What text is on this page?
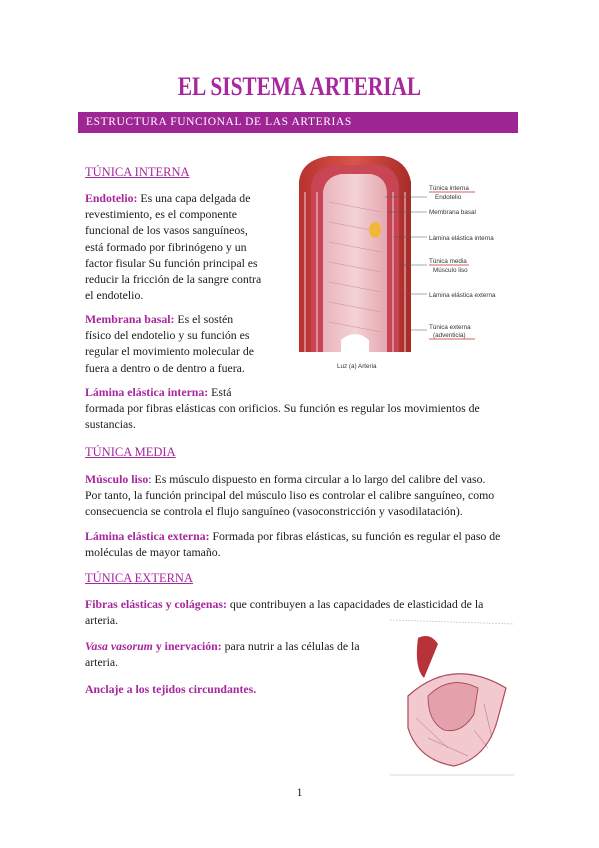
EL SISTEMA ARTERIAL
ESTRUCTURA FUNCIONAL DE LAS ARTERIAS
TÚNICA INTERNA
Endotelio: Es una capa delgada de
revestimiento, es el componente
funcional de los vasos sanguíneos,
está formado por fibrinógeno y un
factor fisular Su función principal es
reducir la fricción de la sangre contra
el endotelio.
Membrana basal: Es el sostén
físico del endotelio y su función es
regular el movimiento molecular de
fuera a dentro o de dentro a fuera.
Lámina elástica interna: Está
formada por fibras elásticas con orificios. Su función es regular los movimientos de
sustancias.
TÚNICA MEDIA
Músculo liso: Es músculo dispuesto en forma circular a lo largo del calibre del vaso.
Por tanto, la función principal del músculo liso es controlar el calibre sanguíneo, como
consecuencia se controla el flujo sanguíneo (vasoconstricción y vasodilatación).
Lámina elástica externa: Formada por fibras elásticas, su función es regular el paso de
moléculas de mayor tamaño.
TÚNICA EXTERNA
Fibras elásticas y colágenas: que contribuyen a las capacidades de elasticidad de la
arteria.
Vasa vasorum y inervación: para nutrir a las células de la
arteria.
Anclaje a los tejidos circundantes.
Túnica interna
Endotelio
Membrana basal
Lámina elástica interna
Túnica media
Músculo liso
Lámina elástica externa
Túnica externa
(adventicia)
Luz (a) Arteria
1
